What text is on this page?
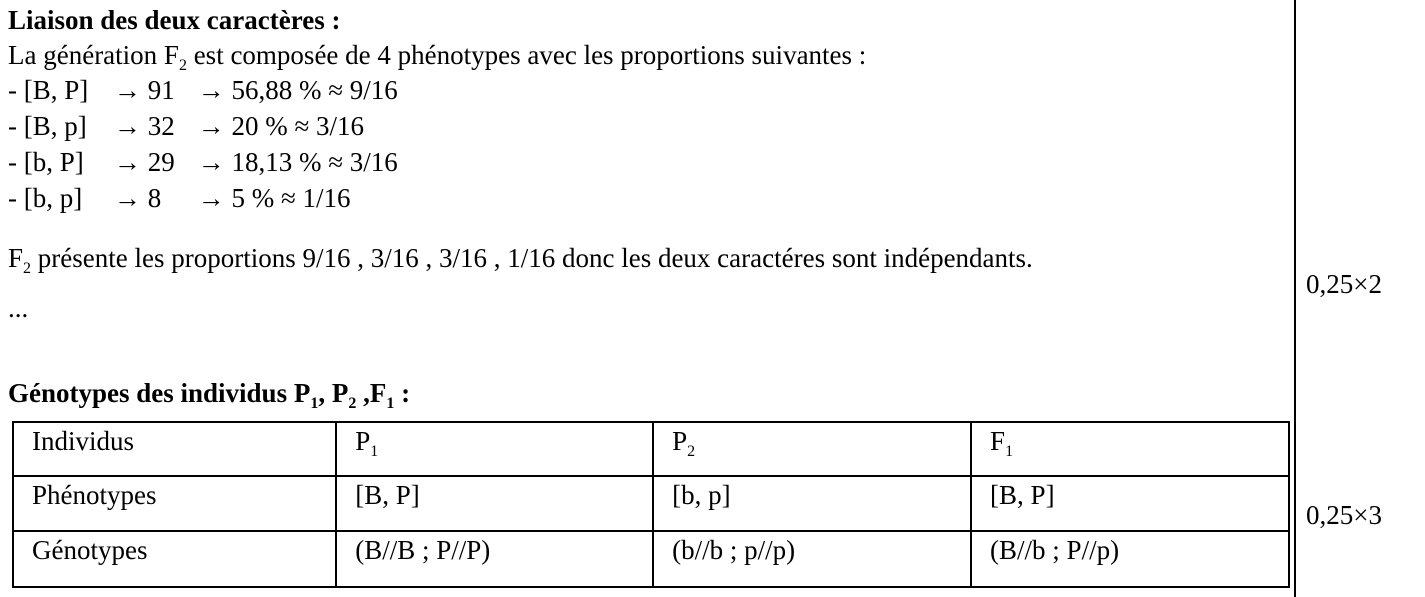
Liaison des deux caractères :
La génération $F_2$ est composée de 4 phénotypes avec les proportions suivantes :
- [B, P] → 91 → 56,88 % ≈ 9/16
- [B, p] → 32 → 20 % ≈ 3/16
- [b, P] → 29 → 18,13 % ≈ 3/16
- [b, p] → 8 → 5 % ≈ 1/16
$F_2$ présente les proportions 9/16 , 3/16 , 3/16 , 1/16 donc les deux caractéres sont indépendants.
...
Génotypes des individus $P_1$, $P_2$ $,F_1$ :
Individus	$P_1$	$P_2$	$F_1$
Phénotypes	[B, P]	[b, p]	[B, P]
Génotypes	(B//B ; P//P)	(b//b ; p//p)	(B//b ; P//p)
0,25×2
0,25×3
